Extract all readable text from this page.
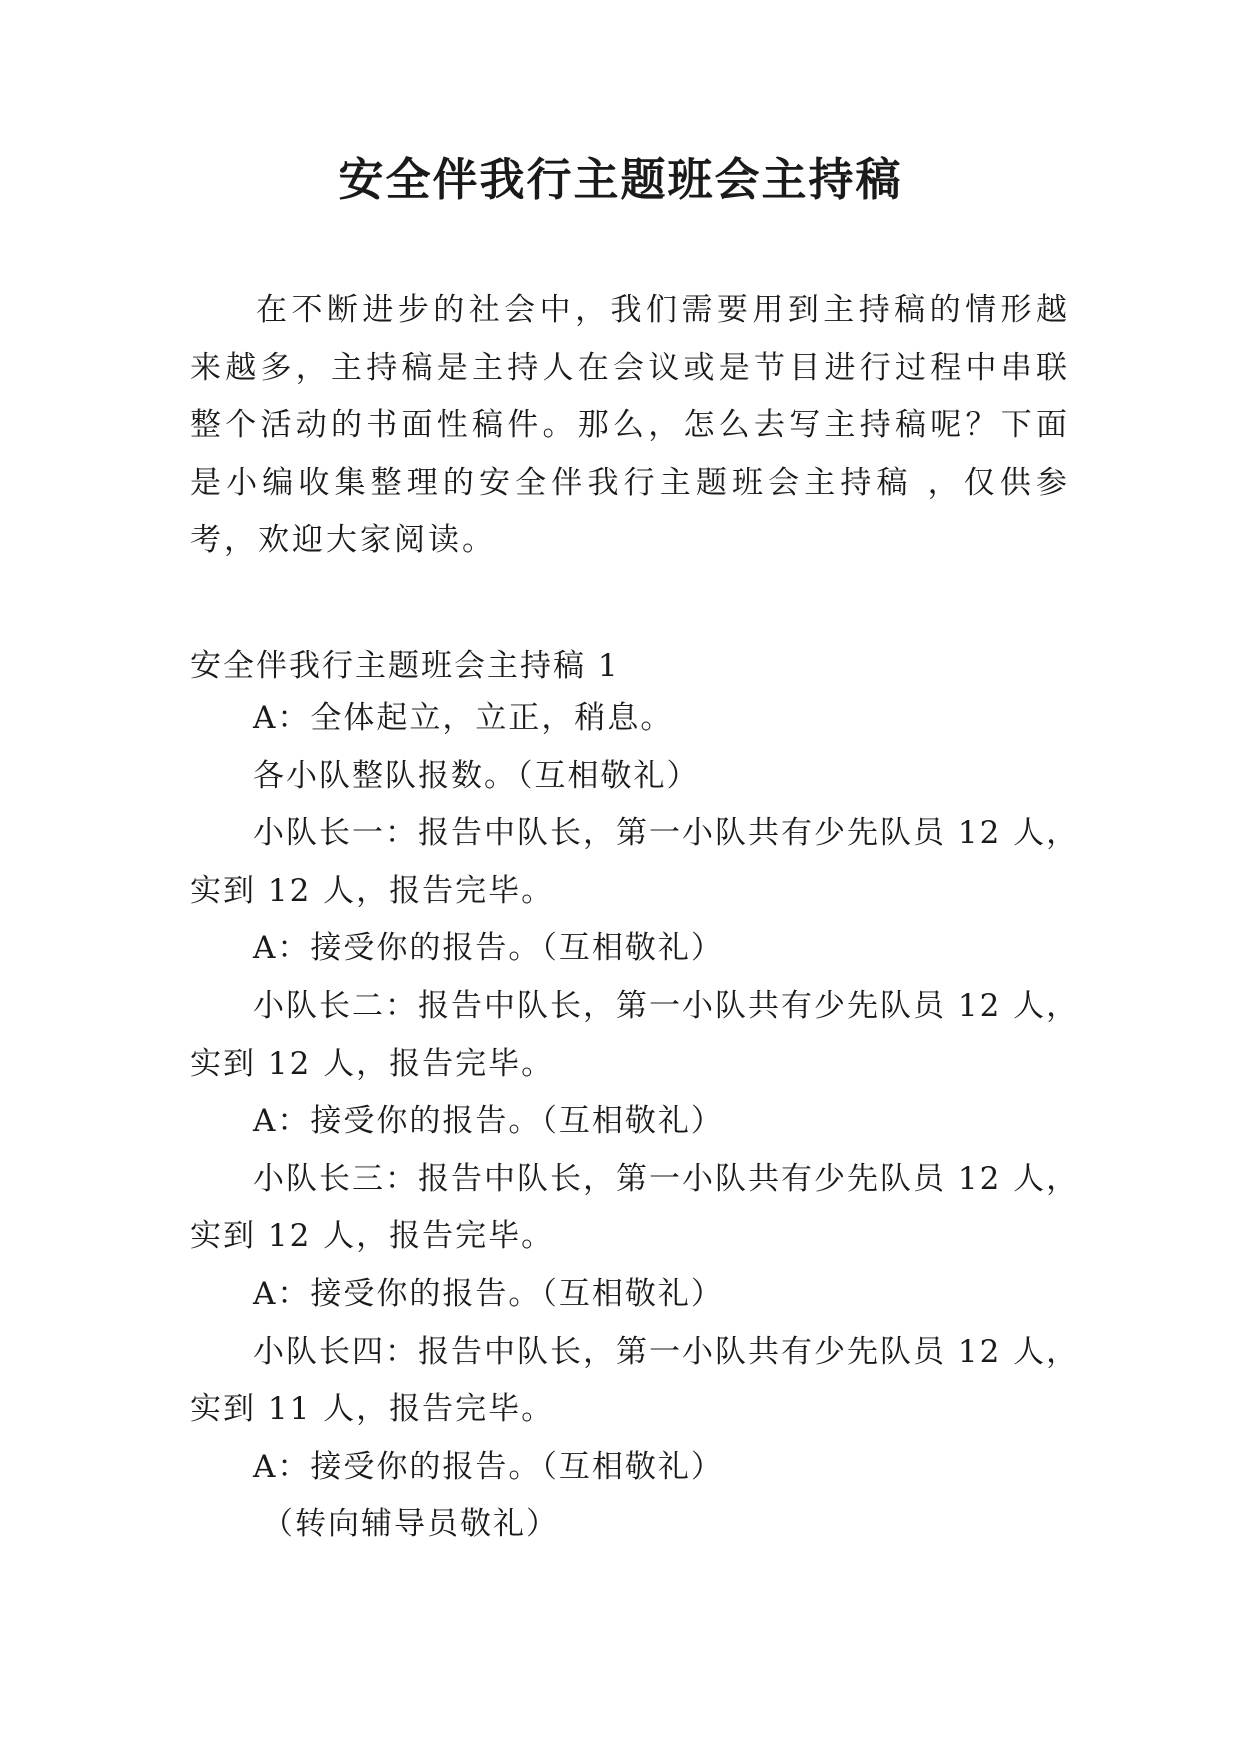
安全伴我行主题班会主持稿

在不断进步的社会中，我们需要用到主持稿的情形越来越多，主持稿是主持人在会议或是节目进行过程中串联整个活动的书面性稿件。那么，怎么去写主持稿呢？下面是小编收集整理的安全伴我行主题班会主持稿 ，仅供参考，欢迎大家阅读。

安全伴我行主题班会主持稿 1

A：全体起立，立正，稍息。

各小队整队报数。（互相敬礼）

小队长一：报告中队长，第一小队共有少先队员 12 人，

实到 12 人，报告完毕。

A：接受你的报告。（互相敬礼）

小队长二：报告中队长，第一小队共有少先队员 12 人，

实到 12 人，报告完毕。

A：接受你的报告。（互相敬礼）

小队长三：报告中队长，第一小队共有少先队员 12 人，

实到 12 人，报告完毕。

A：接受你的报告。（互相敬礼）

小队长四：报告中队长，第一小队共有少先队员 12 人，

实到 11 人，报告完毕。

A：接受你的报告。（互相敬礼）

（转向辅导员敬礼）
